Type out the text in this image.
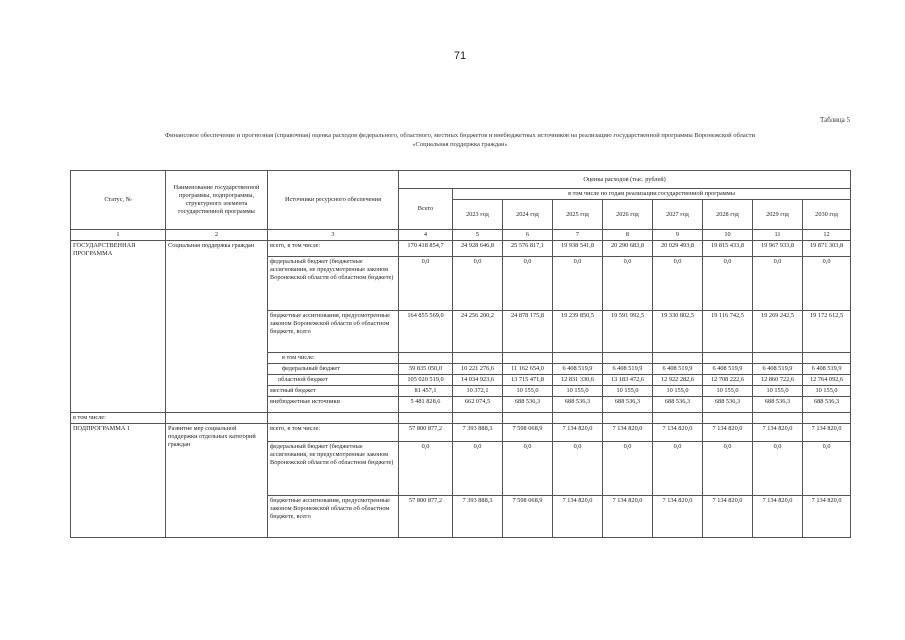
71
Таблица 5
Финансовое обеспечение и прогнозная (справочная) оценка расходов федерального, областного, местных бюджетов и внебюджетных источников на реализацию государственной программы Воронежской области «Социальная поддержка граждан»
Статус, №	Наименование государственной программы, подпрограммы, структурного элемента государственной программы	Источники ресурсного обеспечения	Оценка расходов (тыс. рублей)								
			Всего	в том числе по годам реализации государственной программы							
				2023 год	2024 год	2025 год	2026 год	2027 год	2028 год	2029 год	2030 год
1	2	3	4	5	6	7	8	9	10	11	12
ГОСУДАРСТВЕННАЯ ПРОГРАММА	Социальная поддержка граждан	всего, в том числе:	170 418 854,7	24 928 646,8	25 576 817,1	19 938 541,8	20 290 683,8	20 029 493,8	19 815 433,8	19 967 933,8	19 871 303,8
		федеральный бюджет (бюджетные ассигнования, не предусмотренные законом Воронежской области об областном бюджете)	0,0	0,0	0,0	0,0	0,0	0,0	0,0	0,0	0,0
		бюджетные ассигнования, предусмотренные законом Воронежской области об областном бюджете, всего	164 855 569,0	24 256 200,2	24 878 175,8	19 239 850,5	19 591 992,5	19 330 802,5	19 116 742,5	19 269 242,5	19 172 612,5
		в том числе:									
		федеральный бюджет	59 835 050,0	10 221 276,6	11 162 654,0	6 408 519,9	6 408 519,9	6 408 519,9	6 408 519,9	6 408 519,9	6 408 519,9
		областной бюджет	105 020 519,0	14 034 923,6	13 715 471,8	12 831 330,6	13 183 472,6	12 922 282,6	12 708 222,6	12 860 722,6	12 764 092,6
		местный бюджет	81 457,1	10 372,1	10 155,0	10 155,0	10 155,0	10 155,0	10 155,0	10 155,0	10 155,0
		внебюджетные источники	5 481 828,6	662 074,5	688 536,3	688 536,3	688 536,3	688 536,3	688 536,3	688 536,3	688 536,3
в том числе:											
ПОДПРОГРАММА 1	Развитие мер социальной поддержки отдельных категорий граждан	всего, в том числе:	57 800 877,2	7 393 888,3	7 598 068,9	7 134 820,0	7 134 820,0	7 134 820,0	7 134 820,0	7 134 820,0	7 134 820,0
		федеральный бюджет (бюджетные ассигнования, не предусмотренные законом Воронежской области об областном бюджете)	0,0	0,0	0,0	0,0	0,0	0,0	0,0	0,0	0,0
		бюджетные ассигнования, предусмотренные законом Воронежской области об областном бюджете, всего	57 800 877,2	7 393 888,3	7 598 068,9	7 134 820,0	7 134 820,0	7 134 820,0	7 134 820,0	7 134 820,0	7 134 820,0
